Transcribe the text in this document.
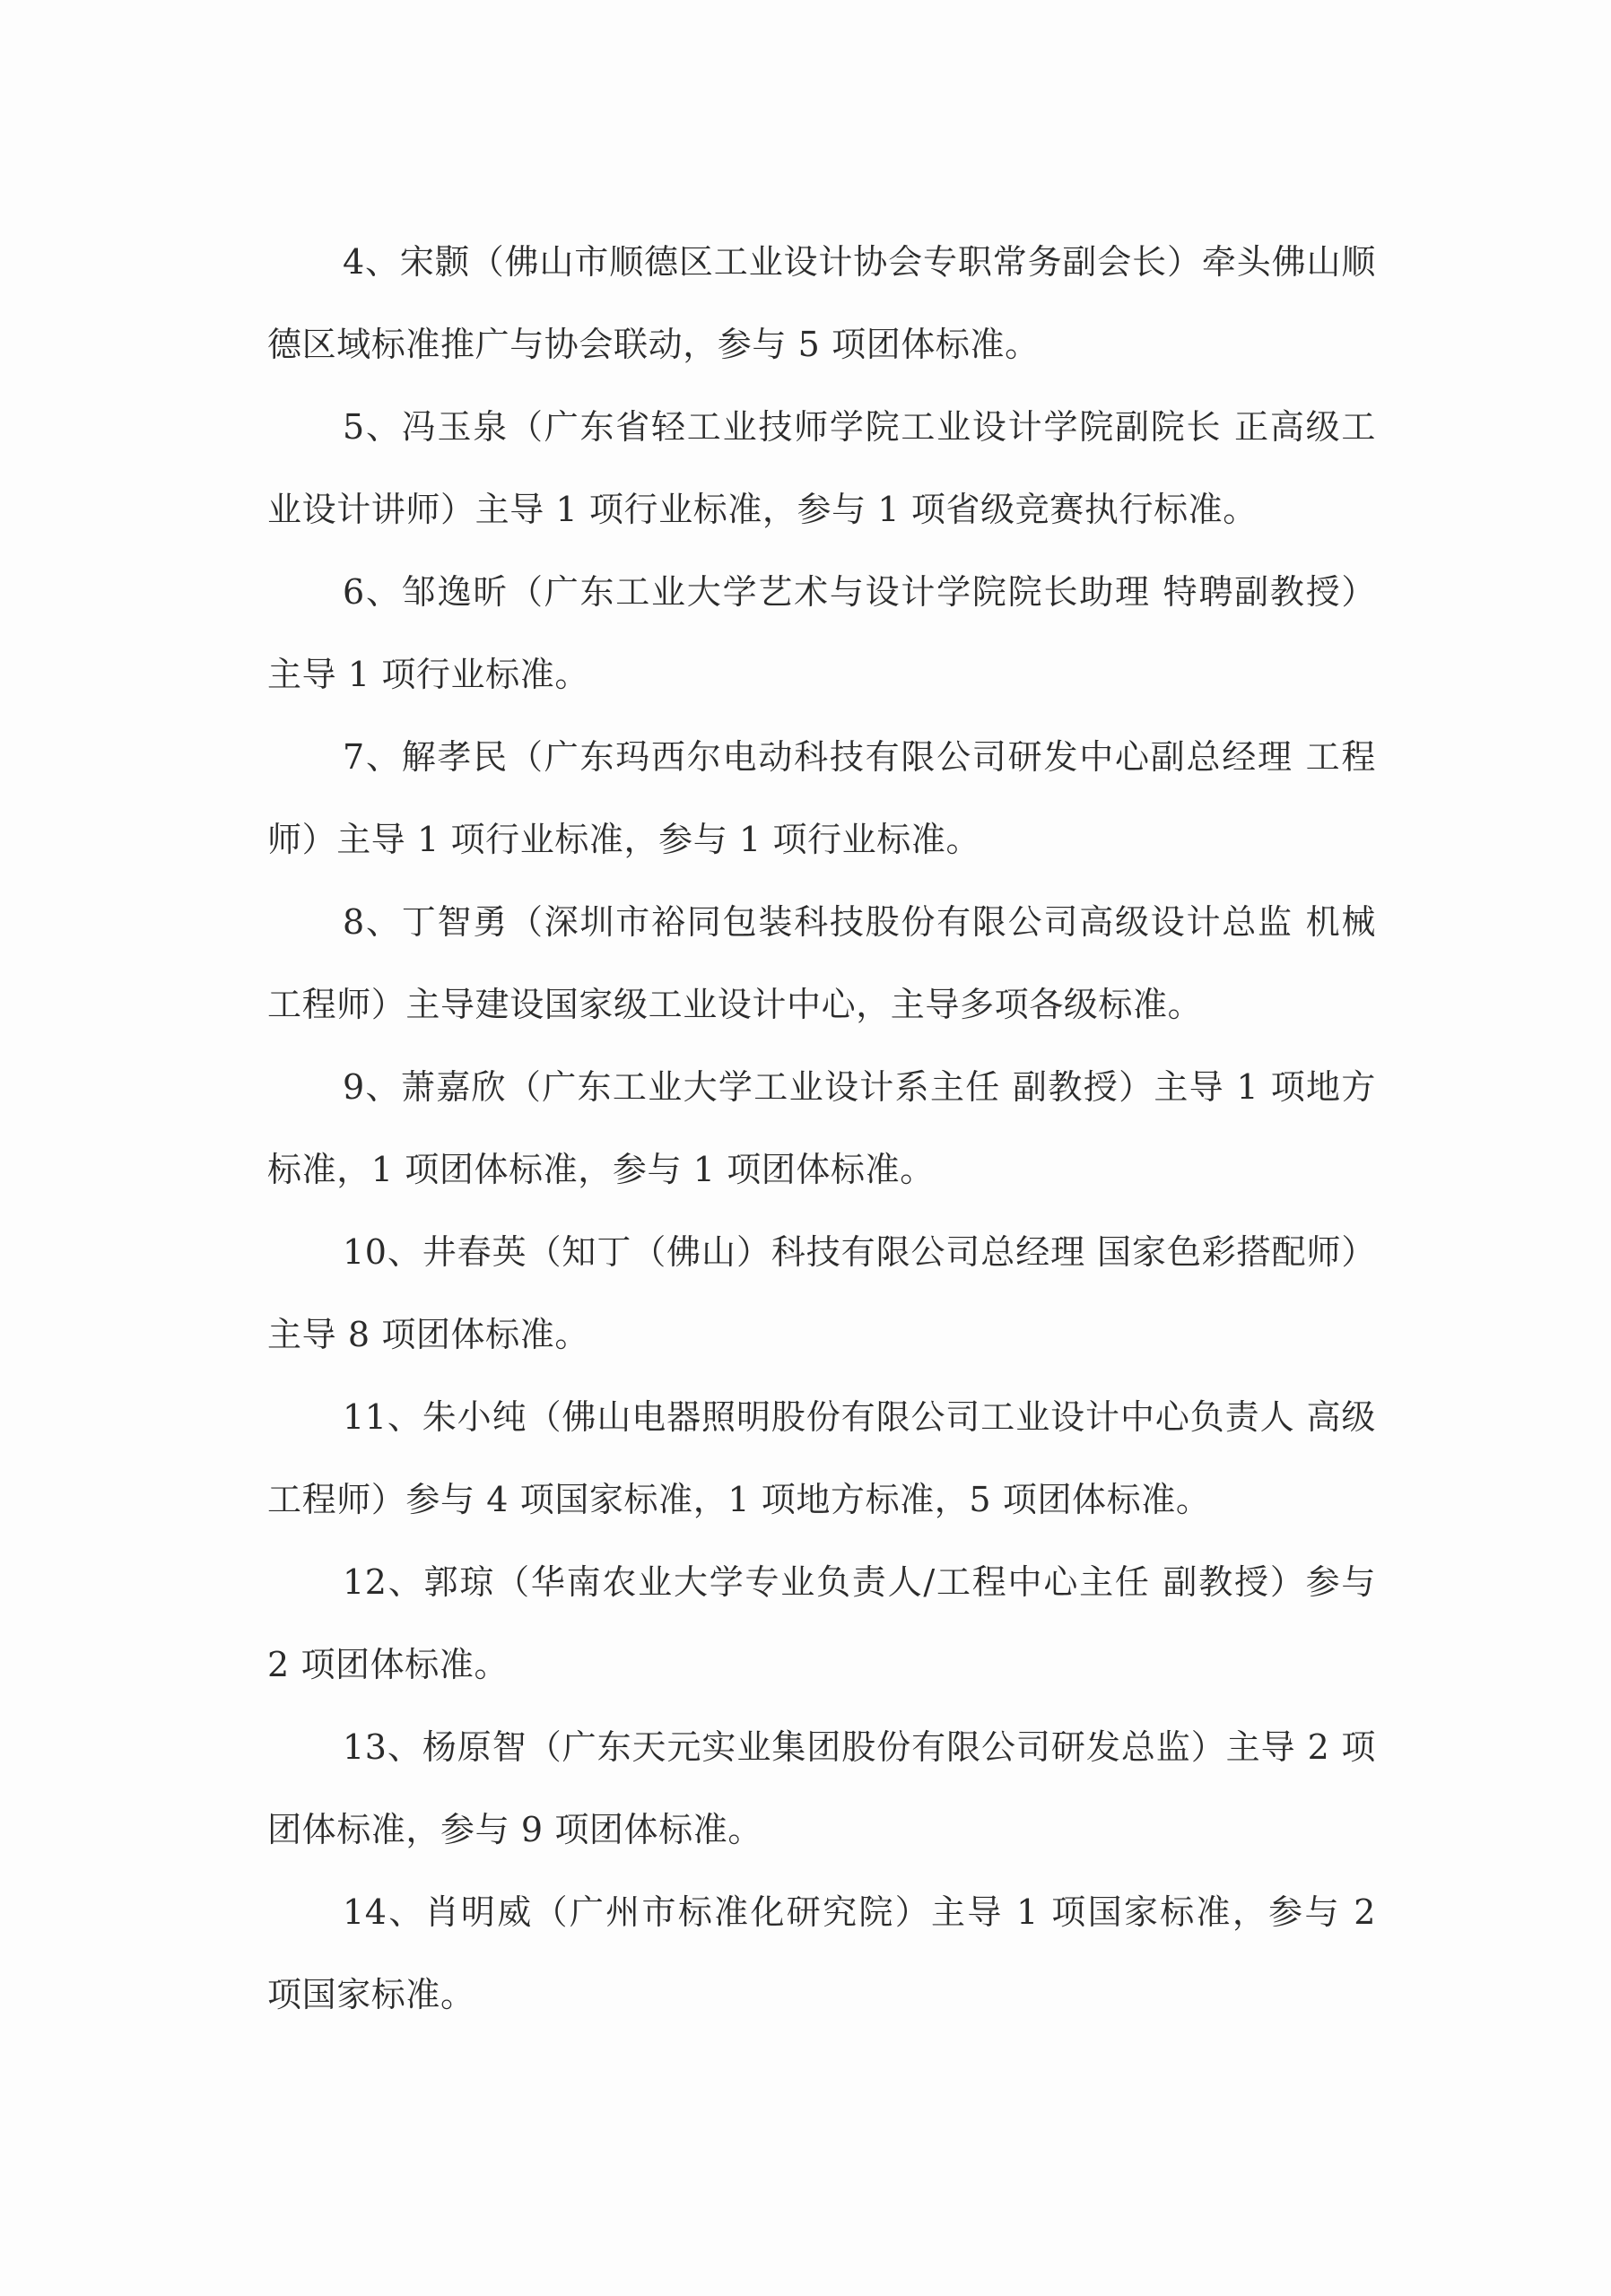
4、宋颢（佛山市顺德区工业设计协会专职常务副会长）牵头佛山顺德区域标准推广与协会联动，参与 5 项团体标准。

5、冯玉泉（广东省轻工业技师学院工业设计学院副院长 正高级工业设计讲师）主导 1 项行业标准，参与 1 项省级竞赛执行标准。

6、邹逸昕（广东工业大学艺术与设计学院院长助理 特聘副教授）主导 1 项行业标准。

7、解孝民（广东玛西尔电动科技有限公司研发中心副总经理 工程师）主导 1 项行业标准，参与 1 项行业标准。

8、丁智勇（深圳市裕同包装科技股份有限公司高级设计总监 机械工程师）主导建设国家级工业设计中心，主导多项各级标准。

9、萧嘉欣（广东工业大学工业设计系主任 副教授）主导 1 项地方标准，1 项团体标准，参与 1 项团体标准。

10、井春英（知丁（佛山）科技有限公司总经理 国家色彩搭配师）主导 8 项团体标准。

11、朱小纯（佛山电器照明股份有限公司工业设计中心负责人 高级工程师）参与 4 项国家标准，1 项地方标准，5 项团体标准。

12、郭琼（华南农业大学专业负责人/工程中心主任 副教授）参与 2 项团体标准。

13、杨原智（广东天元实业集团股份有限公司研发总监）主导 2 项团体标准，参与 9 项团体标准。

14、肖明威（广州市标准化研究院）主导 1 项国家标准，参与 2 项国家标准。
